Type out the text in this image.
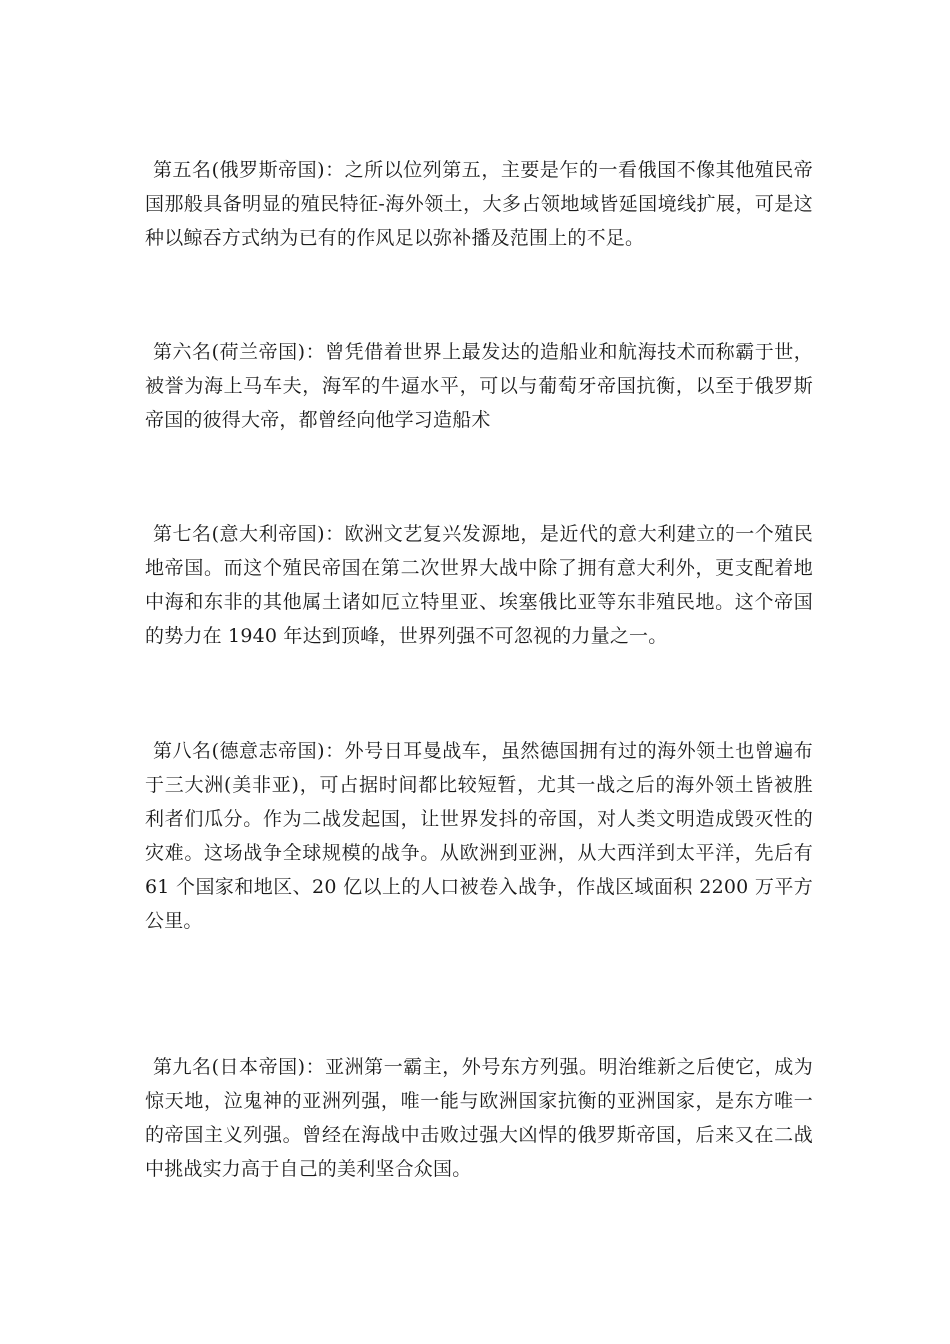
第五名(俄罗斯帝国)：之所以位列第五，主要是乍的一看俄国不像其他殖民帝国那般具备明显的殖民特征-海外领土，大多占领地域皆延国境线扩展，可是这种以鲸吞方式纳为已有的作风足以弥补播及范围上的不足。

第六名(荷兰帝国)：曾凭借着世界上最发达的造船业和航海技术而称霸于世，被誉为海上马车夫，海军的牛逼水平，可以与葡萄牙帝国抗衡，以至于俄罗斯帝国的彼得大帝，都曾经向他学习造船术

第七名(意大利帝国)：欧洲文艺复兴发源地，是近代的意大利建立的一个殖民地帝国。而这个殖民帝国在第二次世界大战中除了拥有意大利外，更支配着地中海和东非的其他属土诸如厄立特里亚、埃塞俄比亚等东非殖民地。这个帝国的势力在 1940 年达到顶峰，世界列强不可忽视的力量之一。

第八名(德意志帝国)：外号日耳曼战车，虽然德国拥有过的海外领土也曾遍布于三大洲(美非亚)，可占据时间都比较短暂，尤其一战之后的海外领土皆被胜利者们瓜分。作为二战发起国，让世界发抖的帝国，对人类文明造成毁灭性的灾难。这场战争全球规模的战争。从欧洲到亚洲，从大西洋到太平洋，先后有 61 个国家和地区、20 亿以上的人口被卷入战争，作战区域面积 2200 万平方公里。

第九名(日本帝国)：亚洲第一霸主，外号东方列强。明治维新之后使它，成为惊天地，泣鬼神的亚洲列强，唯一能与欧洲国家抗衡的亚洲国家，是东方唯一的帝国主义列强。曾经在海战中击败过强大凶悍的俄罗斯帝国，后来又在二战中挑战实力高于自己的美利坚合众国。
